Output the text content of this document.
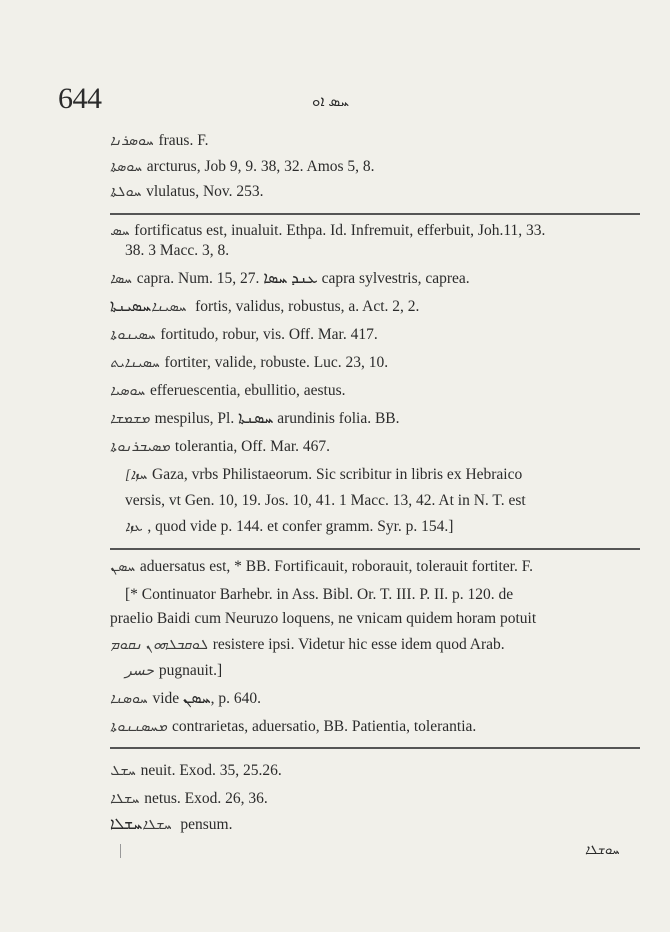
644	ܚܣ ܐܘ
ܚܘܣܪܢܐ fraus. F.
ܚܘܣܬܐ arcturus, Job 9, 9. 38, 32. Amos 5, 8.
ܚܘܠܬܐ vlulatus, Nov. 253.
ܚܣ fortificatus est, inualuit. Ethpa. Id. Infremuit, efferbuit, Joh.11, 33.
38. 3 Macc. 3, 8.
ܚܣܐ capra. Num. 15, 27. ܥܢܕ ܚܣܐ capra sylvestris, caprea.
ܚܣܝܢܐܚܣܝܢܬܐ fortis, validus, robustus, a. Act. 2, 2.
ܚܣܝܢܘܬܐ fortitudo, robur, vis. Off. Mar. 417.
ܚܣܝܢܐܝܬ fortiter, valide, robuste. Luc. 23, 10.
ܚܘܣܝܐ efferuescentia, ebullitio, aestus.
ܡܫܡܫܐ mespilus, Pl. ܚܣܢܬܐ arundinis folia. BB.
ܡܣܝܒܪܢܘܬܐ tolerantia, Off. Mar. 467.
[ܚܙܐ Gaza, vrbs Philistaeorum. Sic scribitur in libris ex Hebraico
versis, vt Gen. 10, 19. Jos. 10, 41. 1 Macc. 13, 42. At in N. T. est
ܥܙܐ , quod vide p. 144. et confer gramm. Syr. p. 154.]
ܚܣܢ aduersatus est, * BB. Fortificauit, roborauit, tolerauit fortiter. F.
[* Continuator Barhebr. in Ass. Bibl. Or. T. III. P. II. p. 120. de
praelio Baidi cum Neuruzo loquens, ne vnicam quidem horam potuit
ܠܘܩܒܠܗܘܢ ܢܩܘܡ resistere ipsi. Videtur hic esse idem quod Arab.
ﺣﺴﺮ pugnauit.]
ܚܘܣܢܐ vide ܚܣܢ, p. 640.
ܡܚܣܢܢܘܬܐ contrarietas, aduersatio, BB. Patientia, tolerantia.
ܚܫܠ neuit. Exod. 35, 25.26.
ܚܫܠܐ netus. Exod. 26, 36.
ܚܫܠܐܚܫܠܐ pensum.
ܚܘܫܠܐ
